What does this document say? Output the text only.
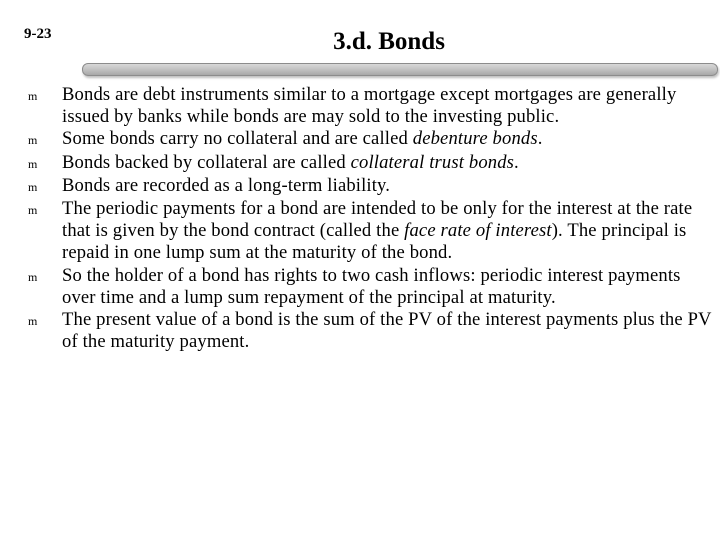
9-23	3.d. Bonds
m	Bonds are debt instruments similar to a mortgage except mortgages are generally issued by banks while bonds are may sold to the investing public.
m	Some bonds carry no collateral and are called debenture bonds.
m	Bonds backed by collateral are called collateral trust bonds.
m	Bonds are recorded as a long-term liability.
m	The periodic payments for a bond are intended to be only for the interest at the rate that is given by the bond contract (called the face rate of interest). The principal is repaid in one lump sum at the maturity of the bond.
m	So the holder of a bond has rights to two cash inflows: periodic interest payments over time and a lump sum repayment of the principal at maturity.
m	The present value of a bond is the sum of the PV of the interest payments plus the PV of the maturity payment.
